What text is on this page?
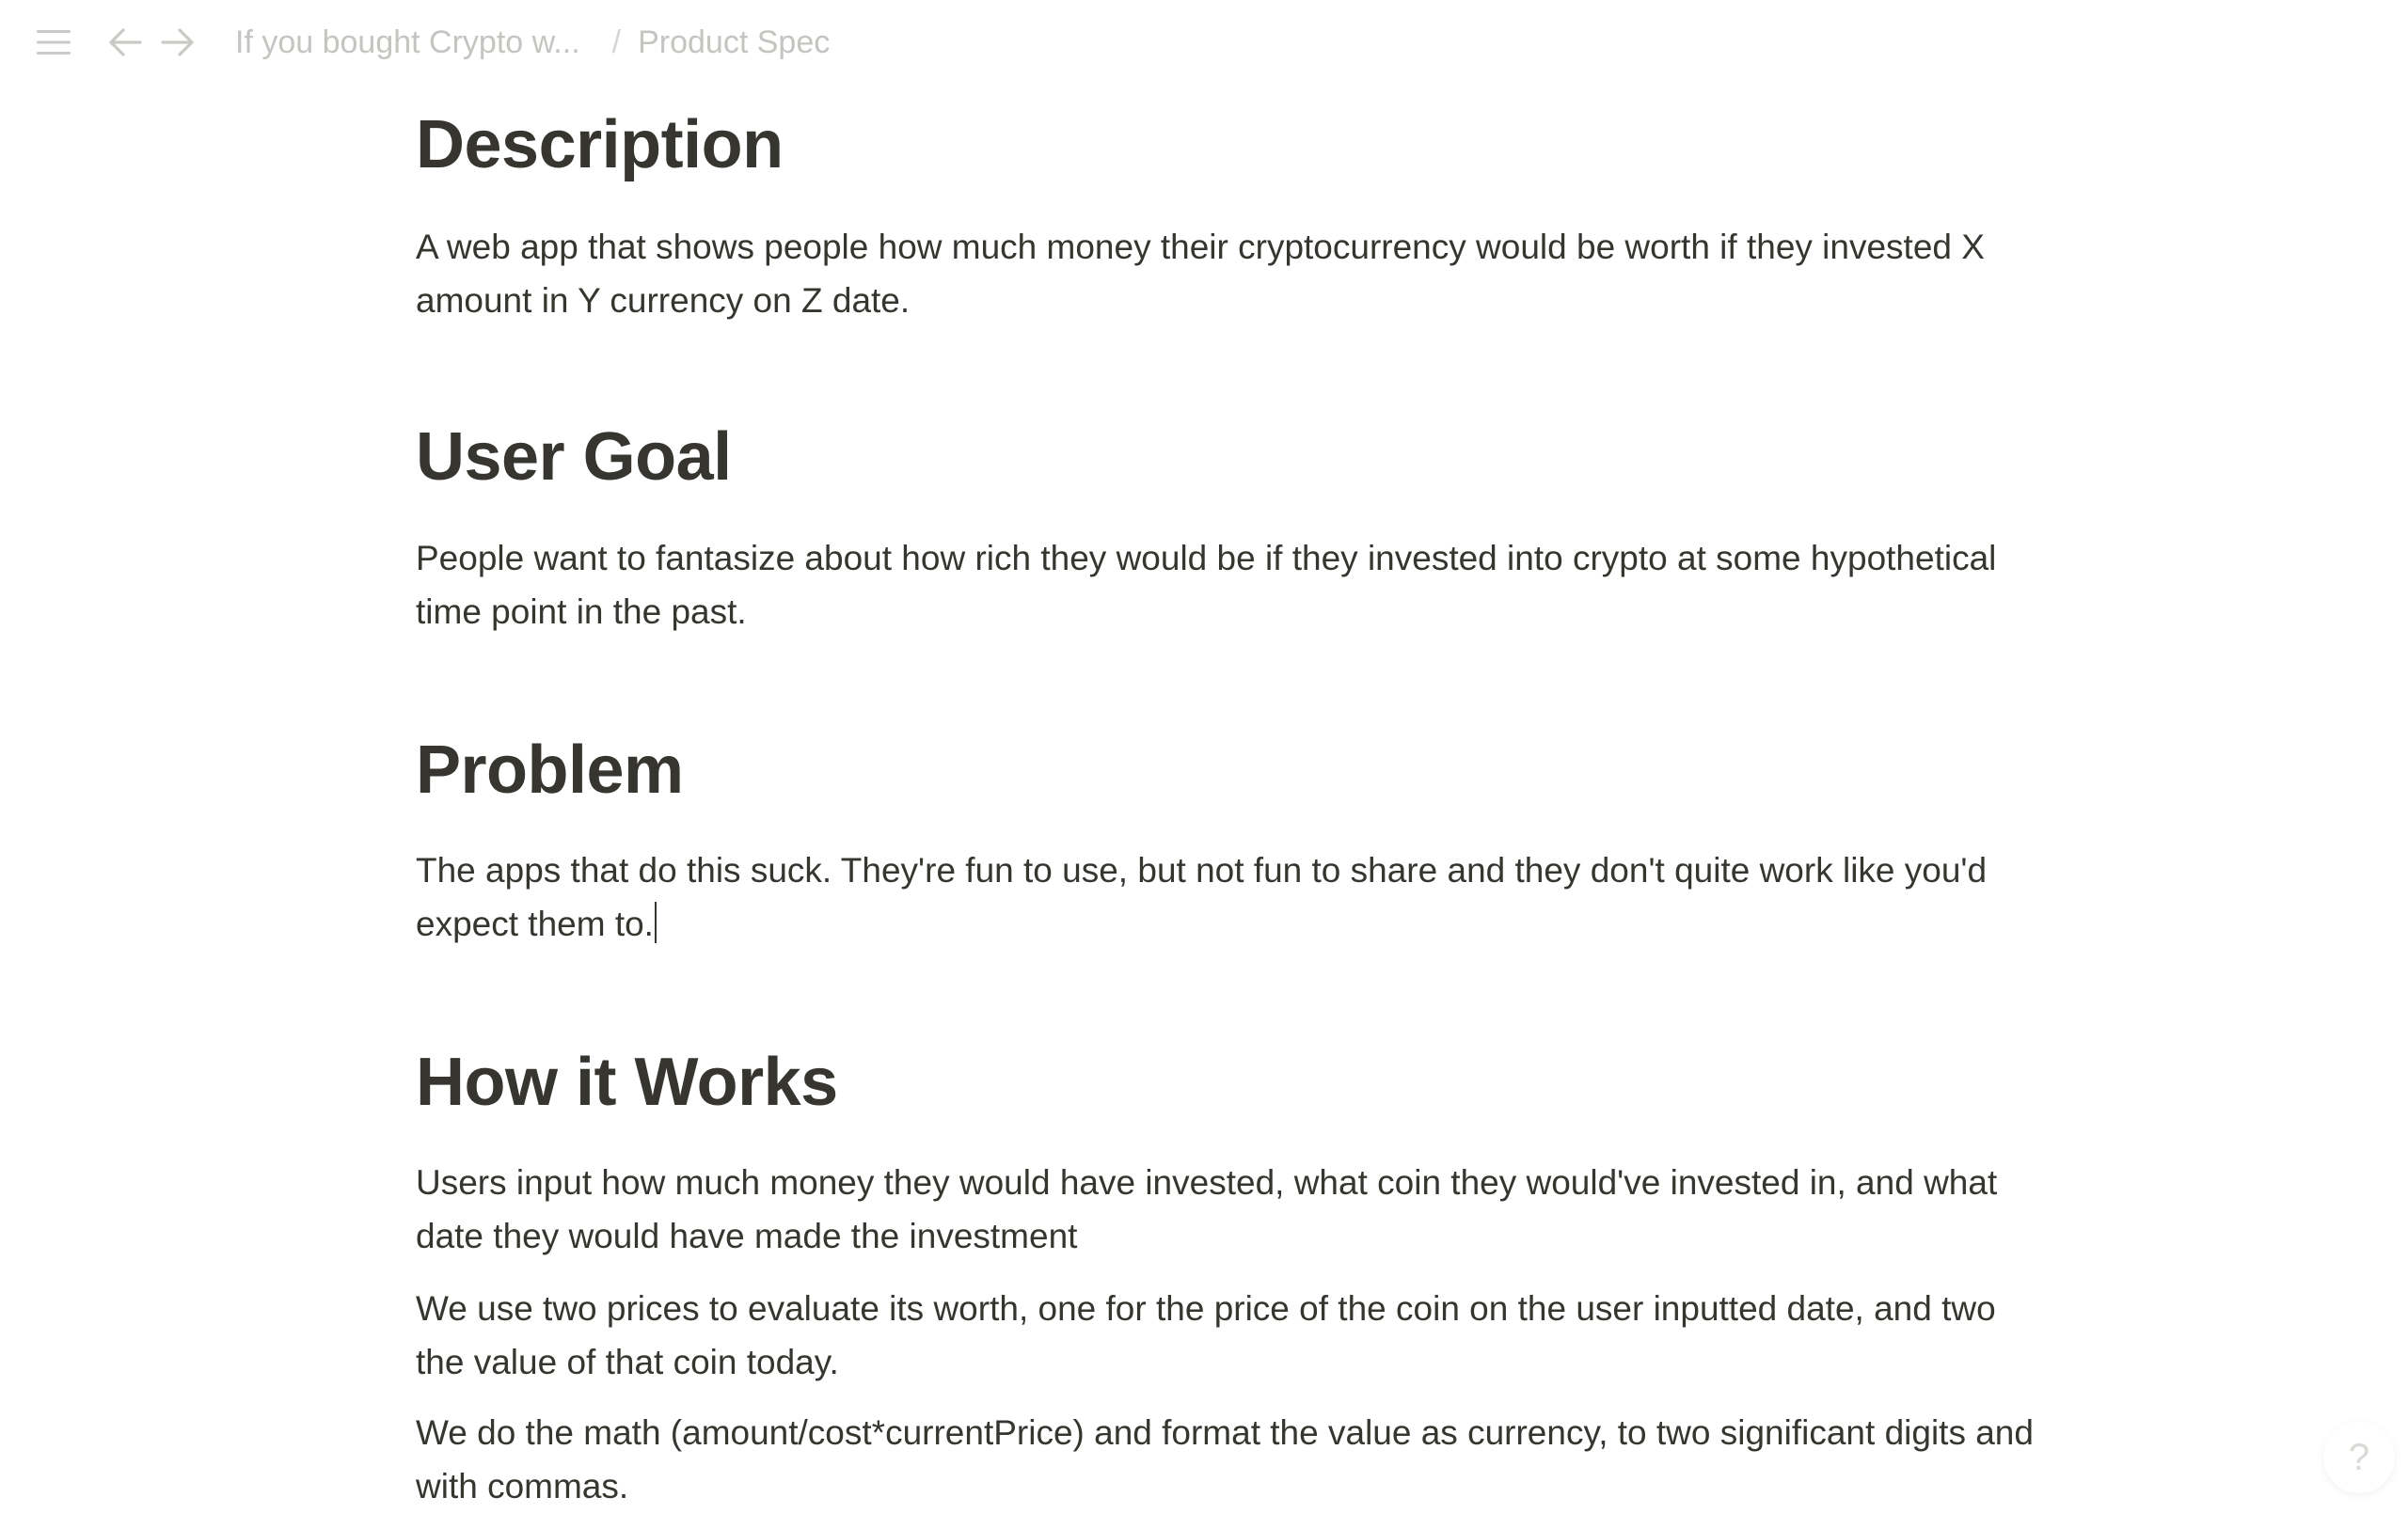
If you bought Crypto w... / Product Spec
Description

A web app that shows people how much money their cryptocurrency would be worth if they invested X amount in Y currency on Z date.

User Goal

People want to fantasize about how rich they would be if they invested into crypto at some hypothetical time point in the past.

Problem

The apps that do this suck. They're fun to use, but not fun to share and they don't quite work like you'd expect them to.

How it Works

Users input how much money they would have invested, what coin they would've invested in, and what date they would have made the investment

We use two prices to evaluate its worth, one for the price of the coin on the user inputted date, and two the value of that coin today.

We do the math (amount/cost*currentPrice) and format the value as currency, to two significant digits and with commas.

?
